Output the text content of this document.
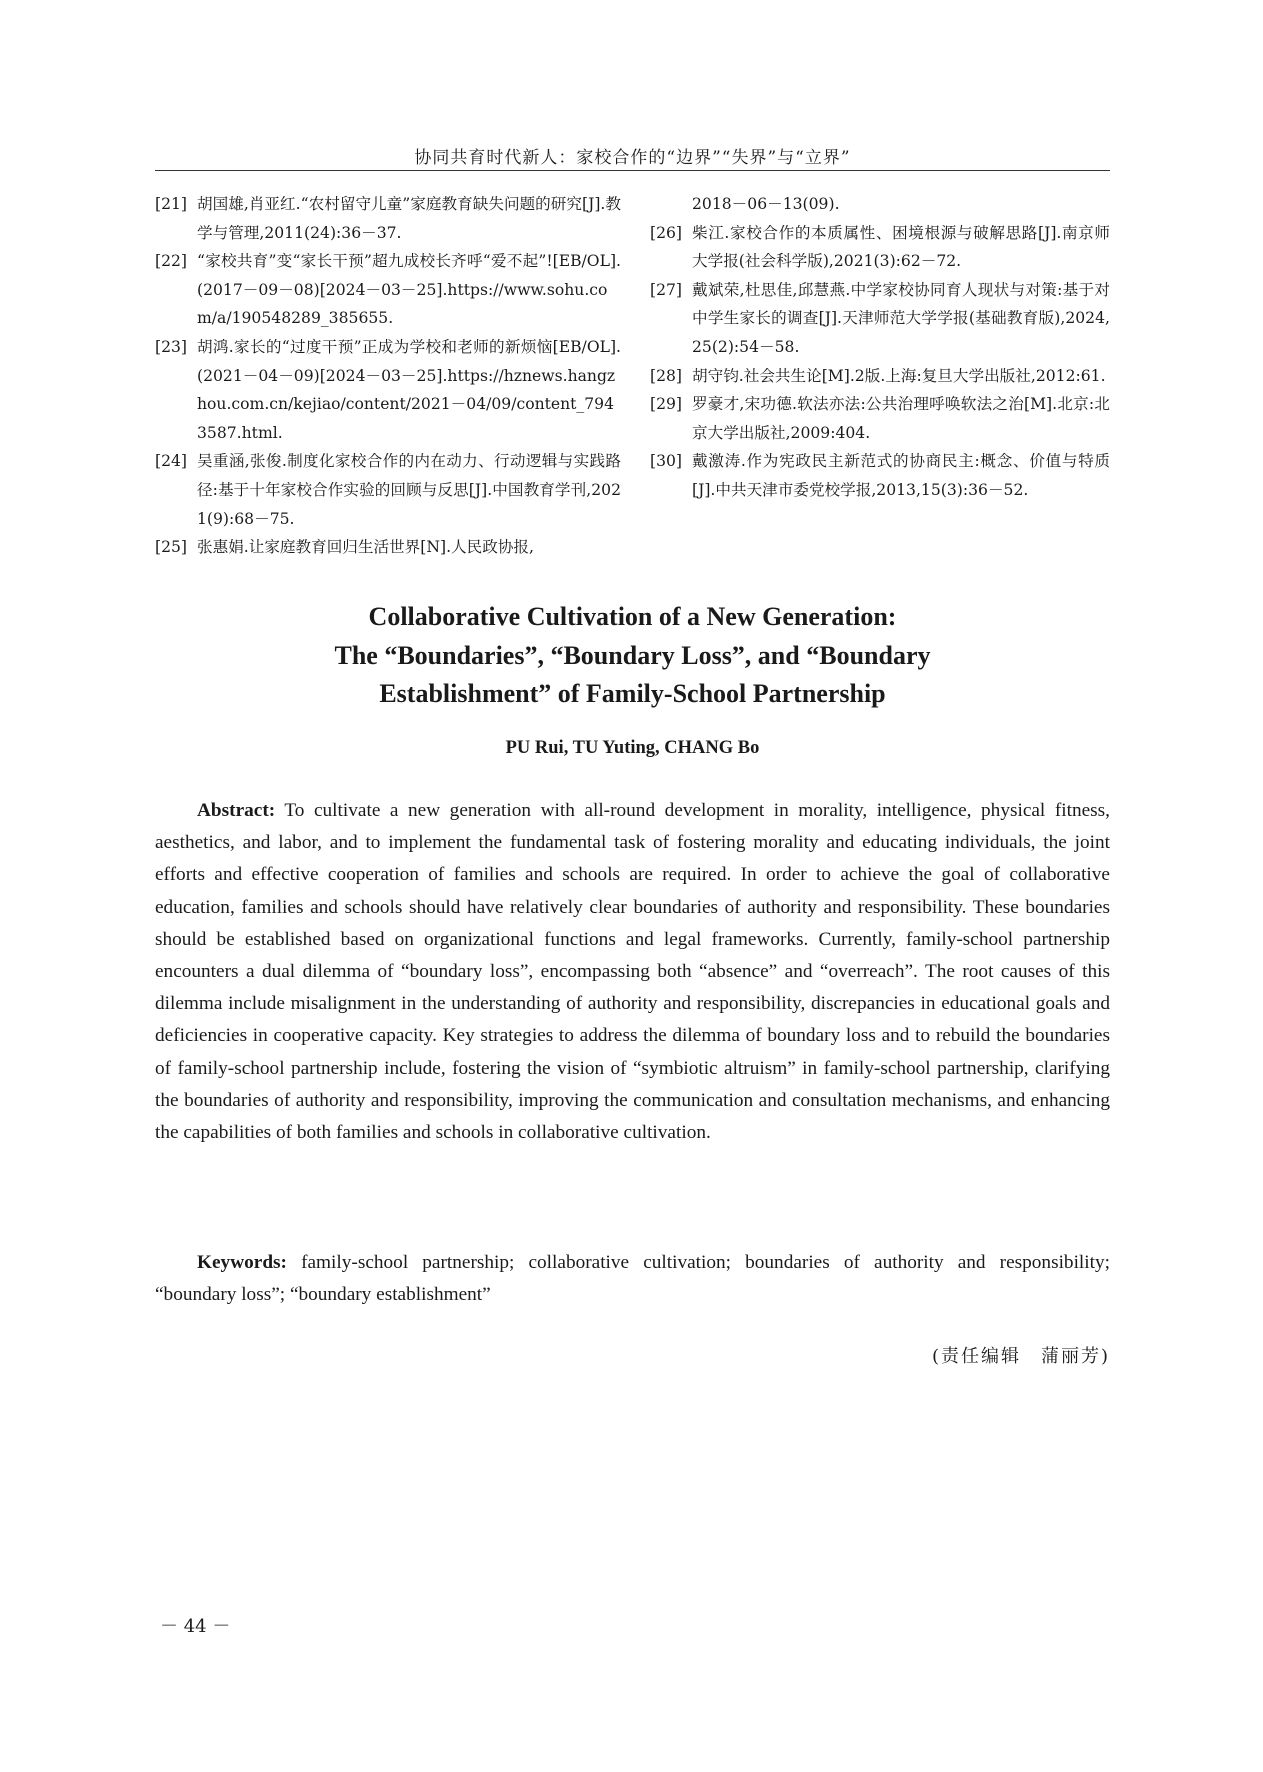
协同共育时代新人：家校合作的“边界”“失界”与“立界”
[21] 胡国雄,肖亚红.“农村留守儿童”家庭教育缺失问题的研究[J].教学与管理,2011(24):36－37.
[22] “家校共育”变“家长干预”超九成校长齐呼“爱不起”![EB/OL].(2017－09－08)[2024－03－25].https://www.sohu.com/a/190548289_385655.
[23] 胡鸿.家长的“过度干预”正成为学校和老师的新烦恼[EB/OL].(2021－04－09)[2024－03－25].https://hznews.hangzhou.com.cn/kejiao/content/2021－04/09/content_7943587.html.
[24] 吴重涵,张俊.制度化家校合作的内在动力、行动逻辑与实践路径:基于十年家校合作实验的回顾与反思[J].中国教育学刊,2021(9):68－75.
[25] 张惠娟.让家庭教育回归生活世界[N].人民政协报,
2018－06－13(09).
[26] 柴江.家校合作的本质属性、困境根源与破解思路[J].南京师大学报(社会科学版),2021(3):62－72.
[27] 戴斌荣,杜思佳,邱慧燕.中学家校协同育人现状与对策:基于对中学生家长的调查[J].天津师范大学学报(基础教育版),2024,25(2):54－58.
[28] 胡守钧.社会共生论[M].2版.上海:复旦大学出版社,2012:61.
[29] 罗豪才,宋功德.软法亦法:公共治理呼唤软法之治[M].北京:北京大学出版社,2009:404.
[30] 戴激涛.作为宪政民主新范式的协商民主:概念、价值与特质[J].中共天津市委党校学报,2013,15(3):36－52.
Collaborative Cultivation of a New Generation:
The “Boundaries”, “Boundary Loss”, and “Boundary
Establishment” of Family-School Partnership
PU Rui, TU Yuting, CHANG Bo

Abstract: To cultivate a new generation with all-round development in morality, intelligence, physical fitness, aesthetics, and labor, and to implement the fundamental task of fostering morality and educating individuals, the joint efforts and effective cooperation of families and schools are required. In order to achieve the goal of collaborative education, families and schools should have relatively clear boundaries of authority and responsibility. These boundaries should be established based on organizational functions and legal frameworks. Currently, family-school partnership encounters a dual dilemma of “boundary loss”, encompassing both “absence” and “overreach”. The root causes of this dilemma include misalignment in the understanding of authority and responsibility, discrepancies in educational goals and deficiencies in cooperative capacity. Key strategies to address the dilemma of boundary loss and to rebuild the boundaries of family-school partnership include, fostering the vision of “symbiotic altruism” in family-school partnership, clarifying the boundaries of authority and responsibility, improving the communication and consultation mechanisms, and enhancing the capabilities of both families and schools in collaborative cultivation.

Keywords: family-school partnership; collaborative cultivation; boundaries of authority and responsibility; “boundary loss”; “boundary establishment”

(责任编辑　蒲丽芳)
－ 44 －
